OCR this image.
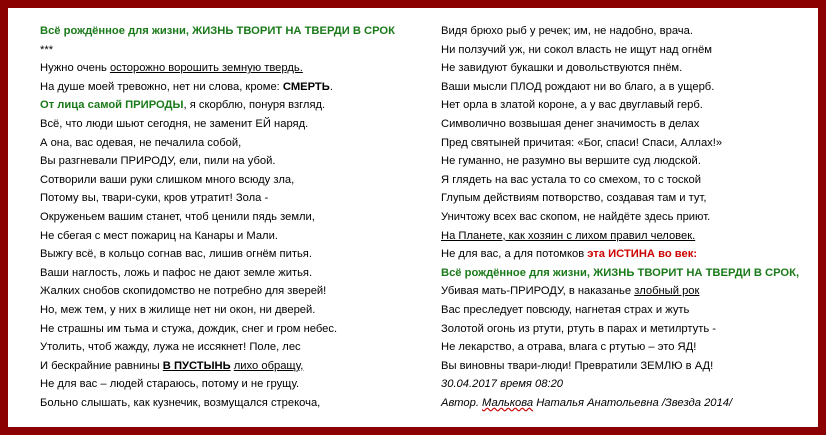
Всё рождённое для жизни, ЖИЗНЬ ТВОРИТ НА ТВЕРДИ В СРОК
***
Нужно очень осторожно ворошить земную твердь.
На душе моей тревожно, нет ни слова, кроме: СМЕРТЬ.
От лица самой ПРИРОДЫ, я скорблю, понуря взгляд.
Всё, что люди шьют сегодня, не заменит ЕЙ наряд.
А она, вас одевая, не печалила собой,
Вы разгневали ПРИРОДУ, ели, пили на убой.
Сотворили ваши руки слишком много всюду зла,
Потому вы, твари-суки, кров утратит! Зола -
Окруженьем вашим станет, чтоб ценили пядь земли,
Не сбегая с мест пожариц на Канары и Мали.
Выжгу всё, в кольцо согнав вас, лишив огнём питья.
Ваши наглость, ложь и пафос не дают земле житья.
Жалких снобов скопидомство не потребно для зверей!
Но, меж тем, у них в жилище нет ни окон, ни дверей.
Не страшны им тьма и стужа, дождик, снег и гром небес.
Утолить, чтоб жажду, лужа не иссякнет! Поле, лес
И бескрайние равнины В ПУСТЫНЬ лихо обращу,
Не для вас – людей стараюсь, потому и не грущу.
Больно слышать, как кузнечик, возмущался стрекоча,
Видя брюхо рыб у речек; им, не надобно, врача.
Ни ползучий уж, ни сокол власть не ищут над огнём
Не завидуют букашки и довольствуются пнём.
Ваши мысли ПЛОД рождают ни во благо, а в ущерб.
Нет орла в златой короне, а у вас двуглавый герб.
Символично возвышая денег значимость в делах
Пред святыней причитая: «Бог, спаси! Спаси, Аллах!»
Не гуманно, не разумно вы вершите суд людской.
Я глядеть на вас устала то со смехом, то с тоской
Глупым действиям потворство, создавая там и тут,
Уничтожу всех вас скопом, не найдёте здесь приют.
На Планете, как хозяин с лихом правил человек.
Не для вас, а для потомков эта ИСТИНА во век:
Всё рождённое для жизни, ЖИЗНЬ ТВОРИТ НА ТВЕРДИ В СРОК,
Убивая мать-ПРИРОДУ, в наказанье злобный рок
Вас преследует повсюду, нагнетая страх и жуть
Золотой огонь из ртути, ртуть в парах и метилртуть -
Не лекарство, а отрава, влага с ртутью – это ЯД!
Вы виновны твари-люди! Превратили ЗЕМЛЮ в АД!
30.04.2017 время 08:20
Автор. Малькова Наталья Анатольевна /Звезда 2014/
